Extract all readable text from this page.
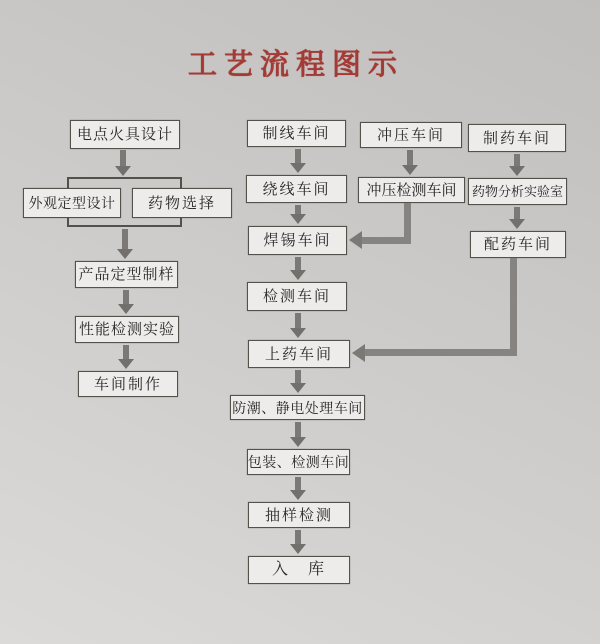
工艺流程图示
电点火具设计
外观定型设计	药物选择
产品定型制样
性能检测实验
车间制作
制线车间
绕线车间
焊锡车间
检测车间
上药车间
防潮、静电处理车间
包装、检测车间
抽样检测
入　库
冲压车间
冲压检测车间
制药车间
药物分析实验室
配药车间
